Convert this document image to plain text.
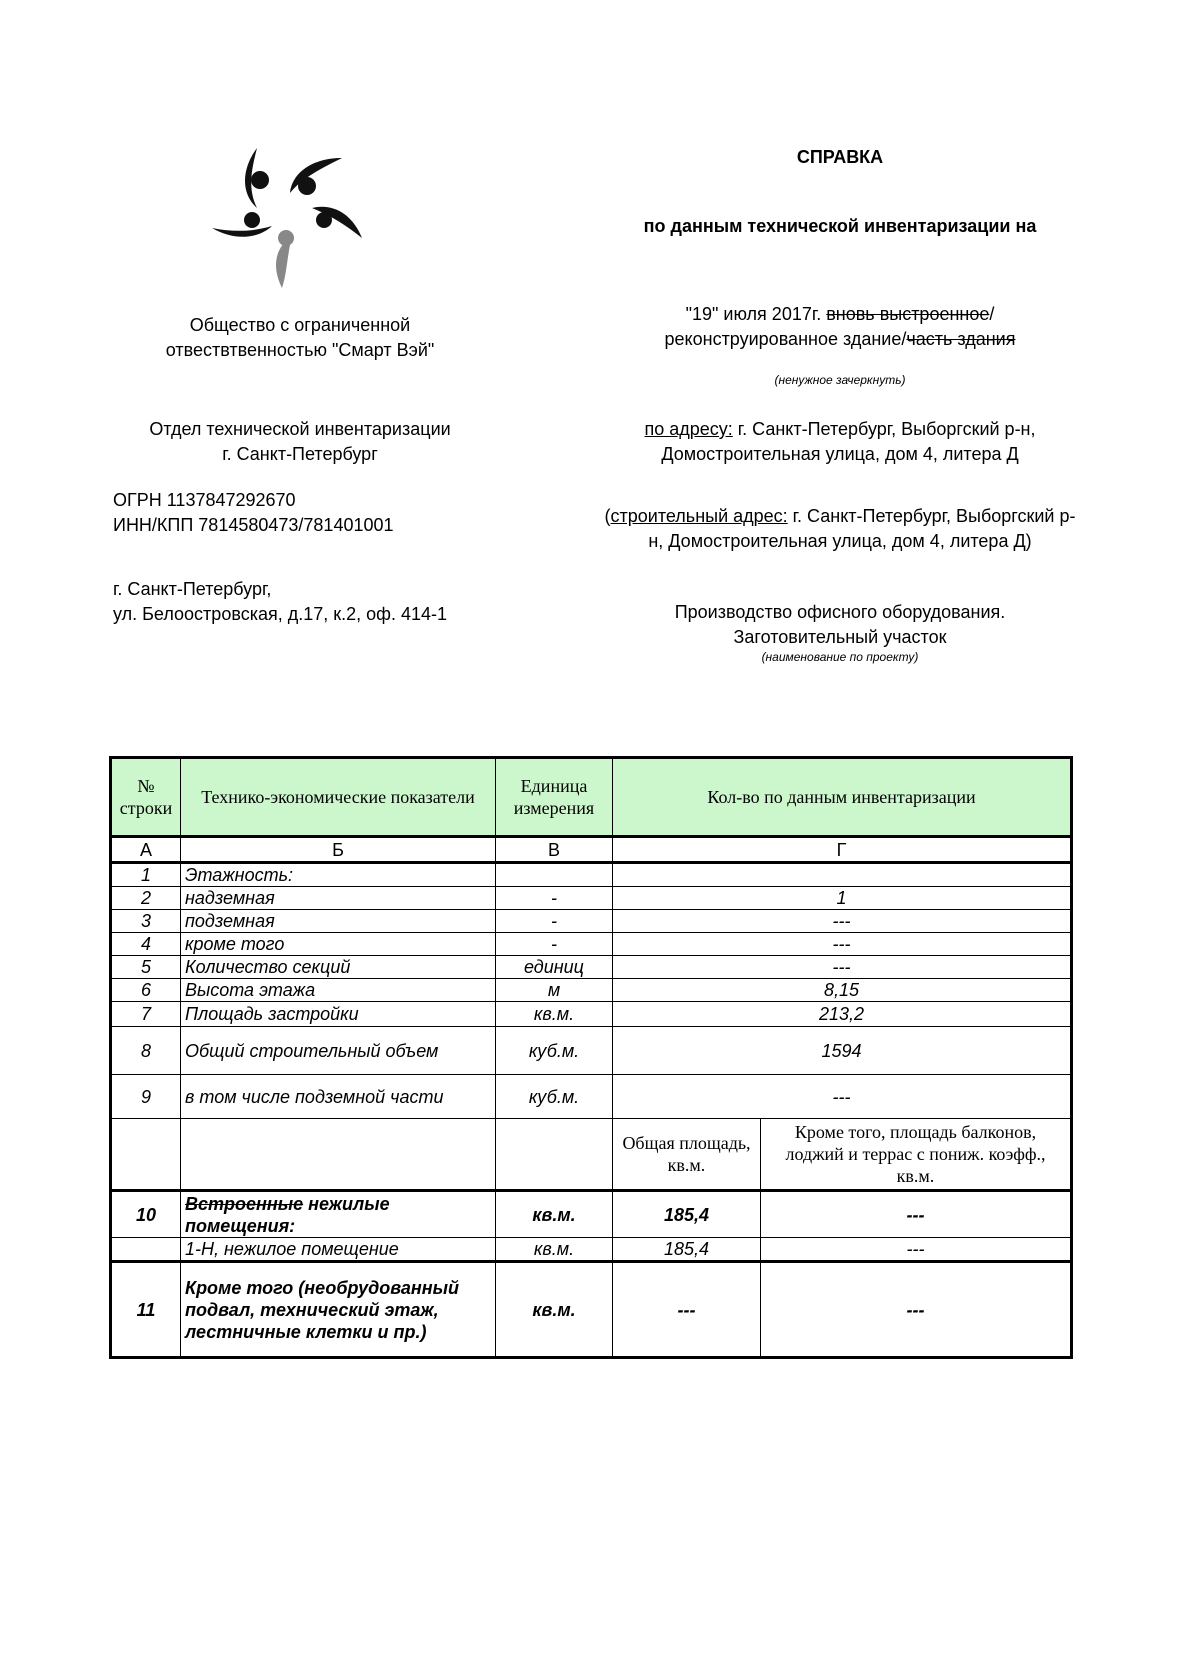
СПРАВКА
по данным технической инвентаризации на
"19" июля 2017г. вновь выстроенное/реконструированное здание/часть здания
(ненужное зачеркнуть)
по адресу: г. Санкт-Петербург, Выборгский р-н, Домостроительная улица, дом 4, литера Д
(строительный адрес: г. Санкт-Петербург, Выборгский р-н, Домостроительная улица, дом 4, литера Д)
Производство офисного оборудования.
Заготовительный участок
(наименование по проекту)
Общество с ограниченной
отвествтвенностью "Смарт Вэй"
Отдел технической инвентаризации
г. Санкт-Петербург
ОГРН 1137847292670
ИНН/КПП 7814580473/781401001
г. Санкт-Петербург,
ул. Белоостровская, д.17, к.2, оф. 414-1
№ строки	Технико-экономические показатели	Единица измерения	Кол-во по данным инвентаризации	
А	Б	В	Г	
1	Этажность:			
2	надземная	-	1	
3	подземная	-	---	
4	кроме того	-	---	
5	Количество секций	единиц	---	
6	Высота этажа	м	8,15	
7	Площадь застройки	кв.м.	213,2	
8	Общий строительный объем	куб.м.	1594	
9	в том числе подземной части	куб.м.	---	
			Общая площадь, кв.м.	Кроме того, площадь балконов, лоджий и террас с пониж. коэфф., кв.м.
10	Встроенные нежилые помещения:	кв.м.	185,4	---
	1-Н, нежилое помещение	кв.м.	185,4	---
11	Кроме того (необрудованный подвал, технический этаж, лестничные клетки и пр.)	кв.м.	---	---
